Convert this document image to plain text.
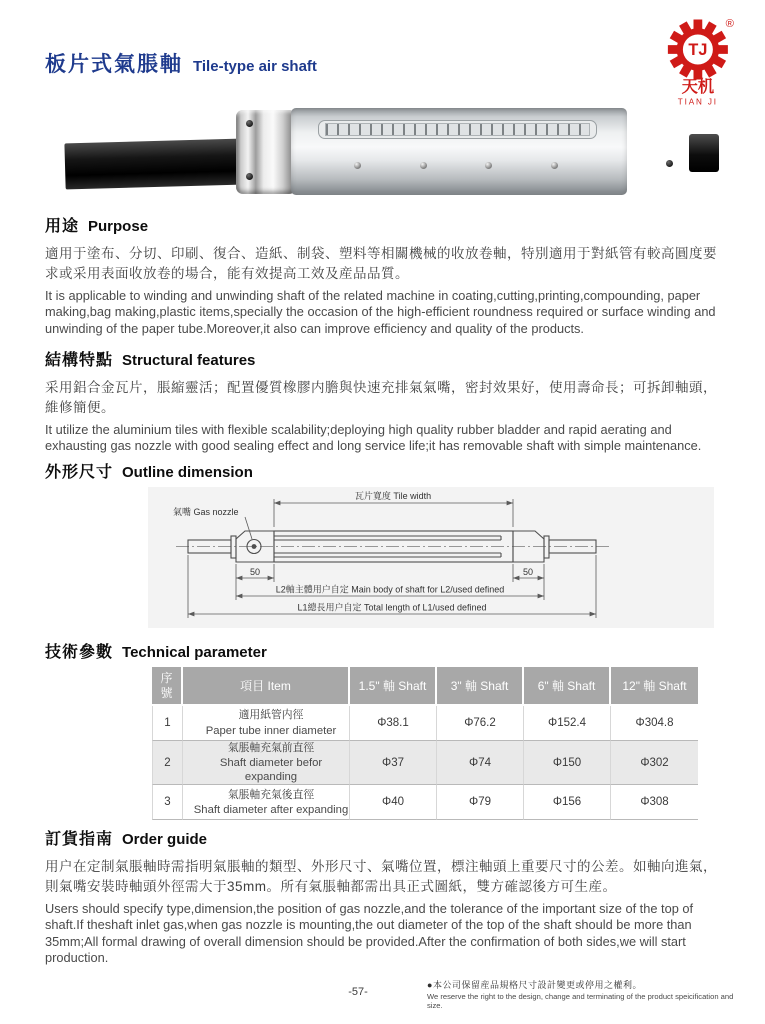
板片式氣脹軸 Tile-type air shaft
TJ
®
天机
TIAN JI
用途 Purpose
適用于塗布、分切、印刷、復合、造紙、制袋、塑料等相關機械的收放卷軸，特別適用于對紙管有較高圓度要求或采用表面收放卷的場合，能有效提高工效及産品品質。
It is applicable to winding and unwinding shaft of the related machine in coating,cutting,printing,compounding, paper making,bag making,plastic items,specially the occasion of the high-efficient roundness required or surface winding and unwinding of the paper tube.Moreover,it also can improve efficiency and quality of the products.
結構特點 Structural features
采用鋁合金瓦片，脹縮靈活；配置優質橡膠内膽與快速充排氣氣嘴，密封效果好，使用壽命長；可拆卸軸頭，維修簡便。
It utilize the aluminium tiles with flexible scalability;deploying high quality rubber bladder and rapid aerating and exhausting gas nozzle with good sealing effect and long service life;it has removable shaft with simple maintenance.
外形尺寸 Outline dimension
氣嘴 Gas nozzle
瓦片寬度 Tile width
50	50
L2軸主體用户自定 Main body of shaft for L2/used defined
L1總長用户自定 Total length of L1/used defined
技術參數 Technical parameter
序號	項目 Item	1.5" 軸 Shaft	3" 軸 Shaft	6" 軸 Shaft	12" 軸 Shaft
1	適用紙管内徑
Paper tube inner diameter	Φ38.1	Φ76.2	Φ152.4	Φ304.8
2	氣脹軸充氣前直徑
Shaft diameter befor expanding	Φ37	Φ74	Φ150	Φ302
3	氣脹軸充氣後直徑
Shaft diameter after expanding	Φ40	Φ79	Φ156	Φ308
訂貨指南 Order guide
用户在定制氣脹軸時需指明氣脹軸的類型、外形尺寸、氣嘴位置，標注軸頭上重要尺寸的公差。如軸向進氣，則氣嘴安裝時軸頭外徑需大于35mm。所有氣脹軸都需出具正式圖紙，雙方確認後方可生産。
Users should specify type,dimension,the position of gas nozzle,and the tolerance of the important size of the top of shaft.If theshaft inlet gas,when gas nozzle is mounting,the out diameter of the top of the shaft should be more than 35mm;All formal drawing of overall dimension should be provided.After the confirmation of both sides,we will start production.
-57-
●本公司保留産品規格尺寸設計變更或停用之權利。
We reserve the right to the design, change and terminating of the product speicification and size.
